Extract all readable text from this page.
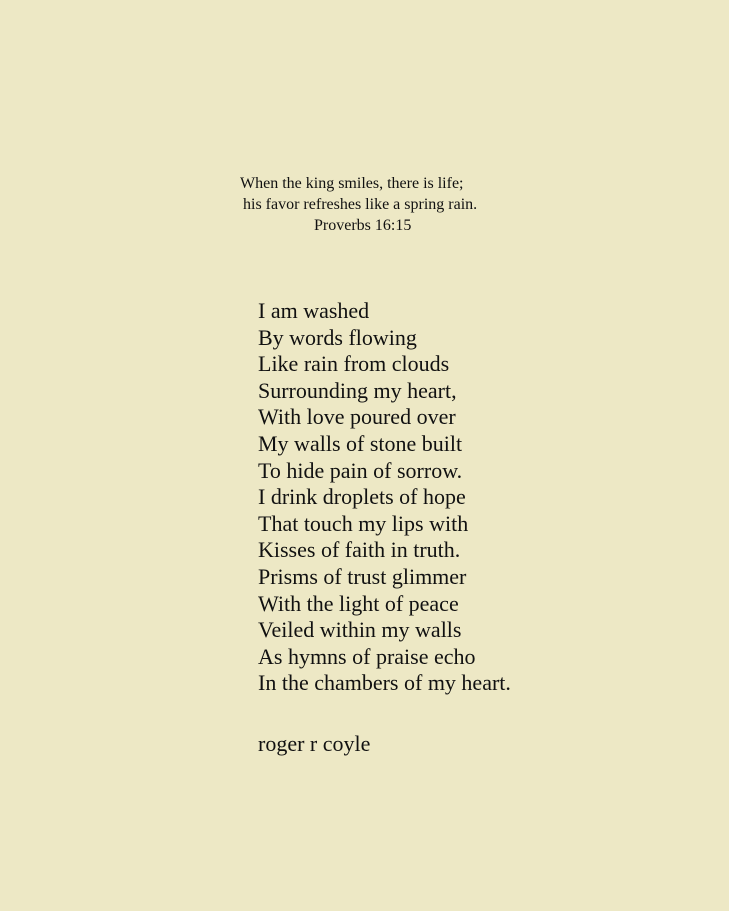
When the king smiles, there is life;
his favor refreshes like a spring rain.
Proverbs 16:15
I am washed
By words flowing
Like rain from clouds
Surrounding my heart,
With love poured over
My walls of stone built
To hide pain of sorrow.
I drink droplets of hope
That touch my lips with
Kisses of faith in truth.
Prisms of trust glimmer
With the light of peace
Veiled within my walls
As hymns of praise echo
In the chambers of my heart.
roger r coyle
